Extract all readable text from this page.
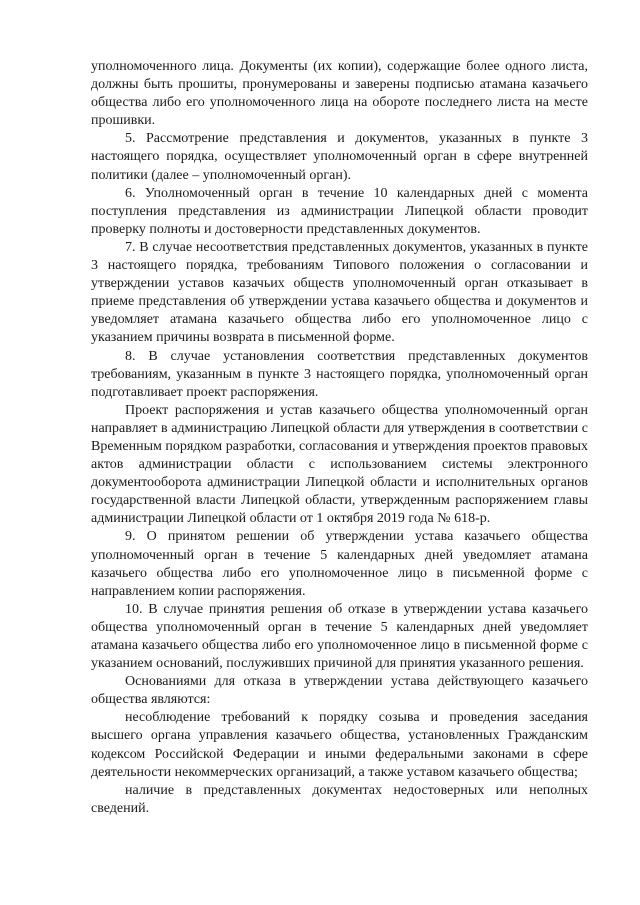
уполномоченного лица. Документы (их копии), содержащие более одного листа, должны быть прошиты, пронумерованы и заверены подписью атамана казачьего общества либо его уполномоченного лица на обороте последнего листа на месте прошивки.

5. Рассмотрение представления и документов, указанных в пункте 3 настоящего порядка, осуществляет уполномоченный орган в сфере внутренней политики (далее – уполномоченный орган).

6. Уполномоченный орган в течение 10 календарных дней с момента поступления представления из администрации Липецкой области проводит проверку полноты и достоверности представленных документов.

7. В случае несоответствия представленных документов, указанных в пункте 3 настоящего порядка, требованиям Типового положения о согласовании и утверждении уставов казачьих обществ уполномоченный орган отказывает в приеме представления об утверждении устава казачьего общества и документов и уведомляет атамана казачьего общества либо его уполномоченное лицо с указанием причины возврата в письменной форме.

8. В случае установления соответствия представленных документов требованиям, указанным в пункте 3 настоящего порядка, уполномоченный орган подготавливает проект распоряжения.

Проект распоряжения и устав казачьего общества уполномоченный орган направляет в администрацию Липецкой области для утверждения в соответствии с Временным порядком разработки, согласования и утверждения проектов правовых актов администрации области с использованием системы электронного документооборота администрации Липецкой области и исполнительных органов государственной власти Липецкой области, утвержденным распоряжением главы администрации Липецкой области от 1 октября 2019 года № 618-р.

9. О принятом решении об утверждении устава казачьего общества уполномоченный орган в течение 5 календарных дней уведомляет атамана казачьего общества либо его уполномоченное лицо в письменной форме с направлением копии распоряжения.

10. В случае принятия решения об отказе в утверждении устава казачьего общества уполномоченный орган в течение 5 календарных дней уведомляет атамана казачьего общества либо его уполномоченное лицо в письменной форме с указанием оснований, послуживших причиной для принятия указанного решения.

Основаниями для отказа в утверждении устава действующего казачьего общества являются:

несоблюдение требований к порядку созыва и проведения заседания высшего органа управления казачьего общества, установленных Гражданским кодексом Российской Федерации и иными федеральными законами в сфере деятельности некоммерческих организаций, а также уставом казачьего общества;

наличие в представленных документах недостоверных или неполных сведений.
